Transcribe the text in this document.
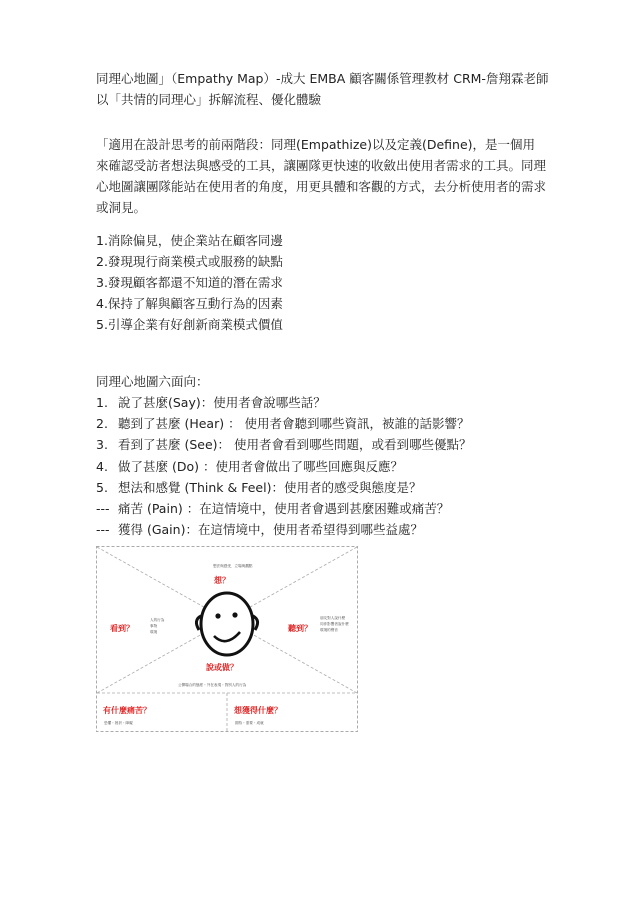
同理心地圖」（Empathy Map）-成大 EMBA 顧客關係管理教材 CRM-詹翔霖老師以「共情的同理心」拆解流程、優化體驗
「適用在設計思考的前兩階段：同理(Empathize)以及定義(Define)，是一個用來確認受訪者想法與感受的工具，讓團隊更快速的收斂出使用者需求的工具。同理心地圖讓團隊能站在使用者的角度，用更具體和客觀的方式，去分析使用者的需求或洞見。
1.消除偏見，使企業站在顧客同邊
2.發現現行商業模式或服務的缺點
3.發現顧客都還不知道的潛在需求
4.保持了解與顧客互動行為的因素
5.引導企業有好創新商業模式價值
同理心地圖六面向：
1. 說了甚麼(Say)：使用者會說哪些話？
2. 聽到了甚麼 (Hear) ： 使用者會聽到哪些資訊，被誰的話影響？
3. 看到了甚麼 (See)： 使用者會看到哪些問題，或看到哪些優點？
4. 做了甚麼 (Do) ：使用者會做出了哪些回應與反應？
5. 想法和感覺 (Think & Feel)：使用者的感受與態度是？
--- 痛苦 (Pain) ：在這情境中，使用者會遇到甚麼困難或痛苦？
--- 獲得 (Gain)：在這情境中，使用者希望得到哪些益處？
想法與感受．立場與觀點
想？
看到？
人的行為
事物
環境	聽到？
朋友對人說什麼
同伴影響者說什麼
環境的聲音
說或做？
公開場合的態度・外在表現・對別人的行為
有什麼痛苦？
恐懼・挫折・障礙
想獲得什麼？
期待・需要・成就
